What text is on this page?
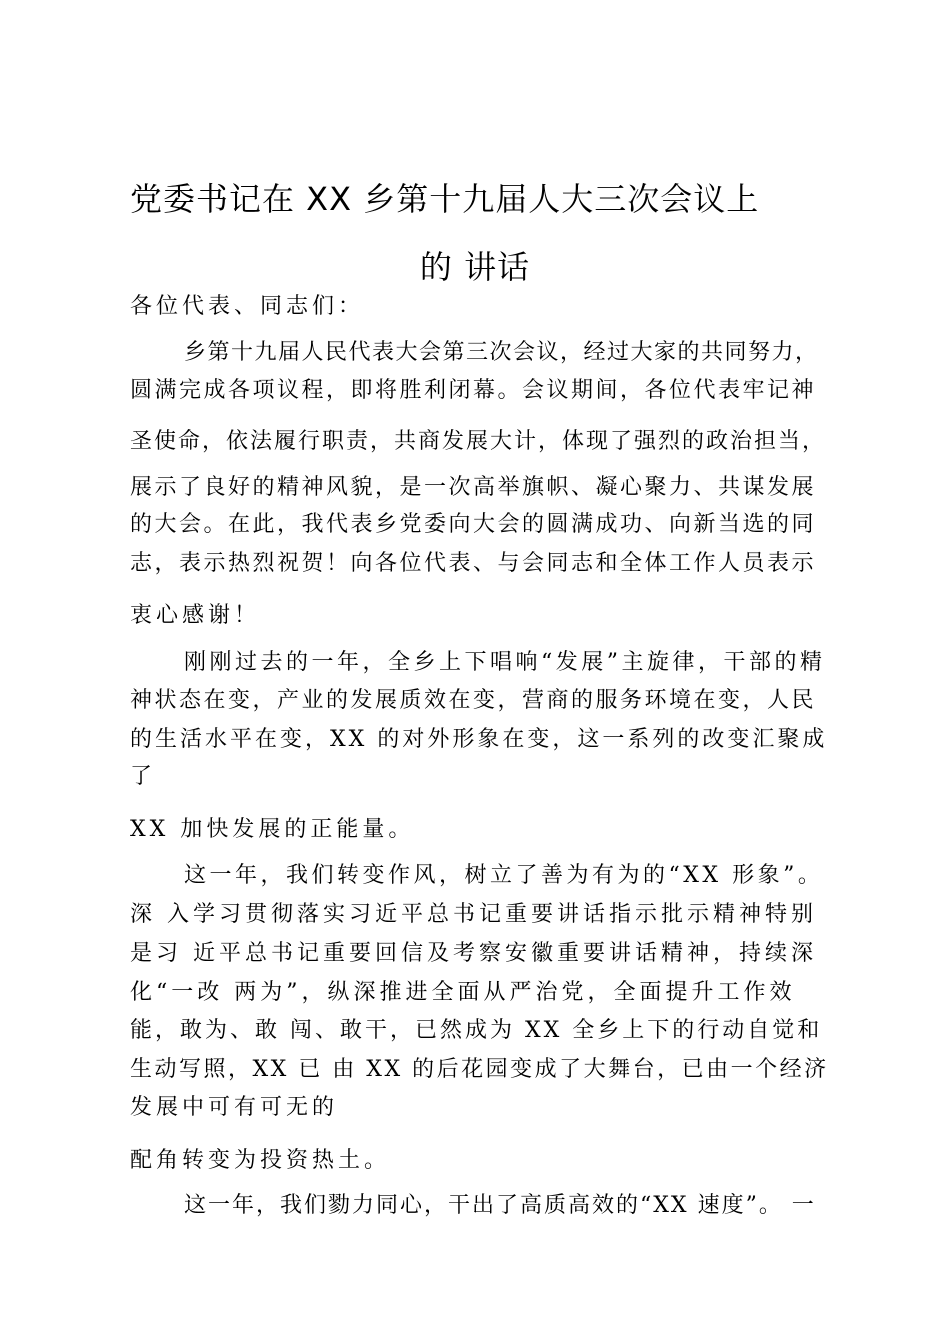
党委书记在 XX 乡第十九届人大三次会议上
的 讲话
各位代表、同志们：
乡第十九届人民代表大会第三次会议，经过大家的共同努力，
圆满完成各项议程，即将胜利闭幕。会议期间，各位代表牢记神
圣使命，依法履行职责，共商发展大计，体现了强烈的政治担当，
展示了良好的精神风貌，是一次高举旗帜、凝心聚力、共谋发展
的大会。在此，我代表乡党委向大会的圆满成功、向新当选的同
志，表示热烈祝贺！向各位代表、与会同志和全体工作人员表示
衷心感谢！
刚刚过去的一年，全乡上下唱响“发展”主旋律，干部的精
神状态在变，产业的发展质效在变，营商的服务环境在变，人民
的生活水平在变，XX 的对外形象在变，这一系列的改变汇聚成
了
XX 加快发展的正能量。
这一年，我们转变作风，树立了善为有为的“XX 形象”。
深 入学习贯彻落实习近平总书记重要讲话指示批示精神特别
是习 近平总书记重要回信及考察安徽重要讲话精神，持续深
化“一改 两为”，纵深推进全面从严治党，全面提升工作效
能，敢为、敢 闯、敢干，已然成为 XX 全乡上下的行动自觉和
生动写照，XX 已 由 XX 的后花园变成了大舞台，已由一个经济
发展中可有可无的
配角转变为投资热土。
这一年，我们勠力同心，干出了高质高效的“XX 速度”。 一
